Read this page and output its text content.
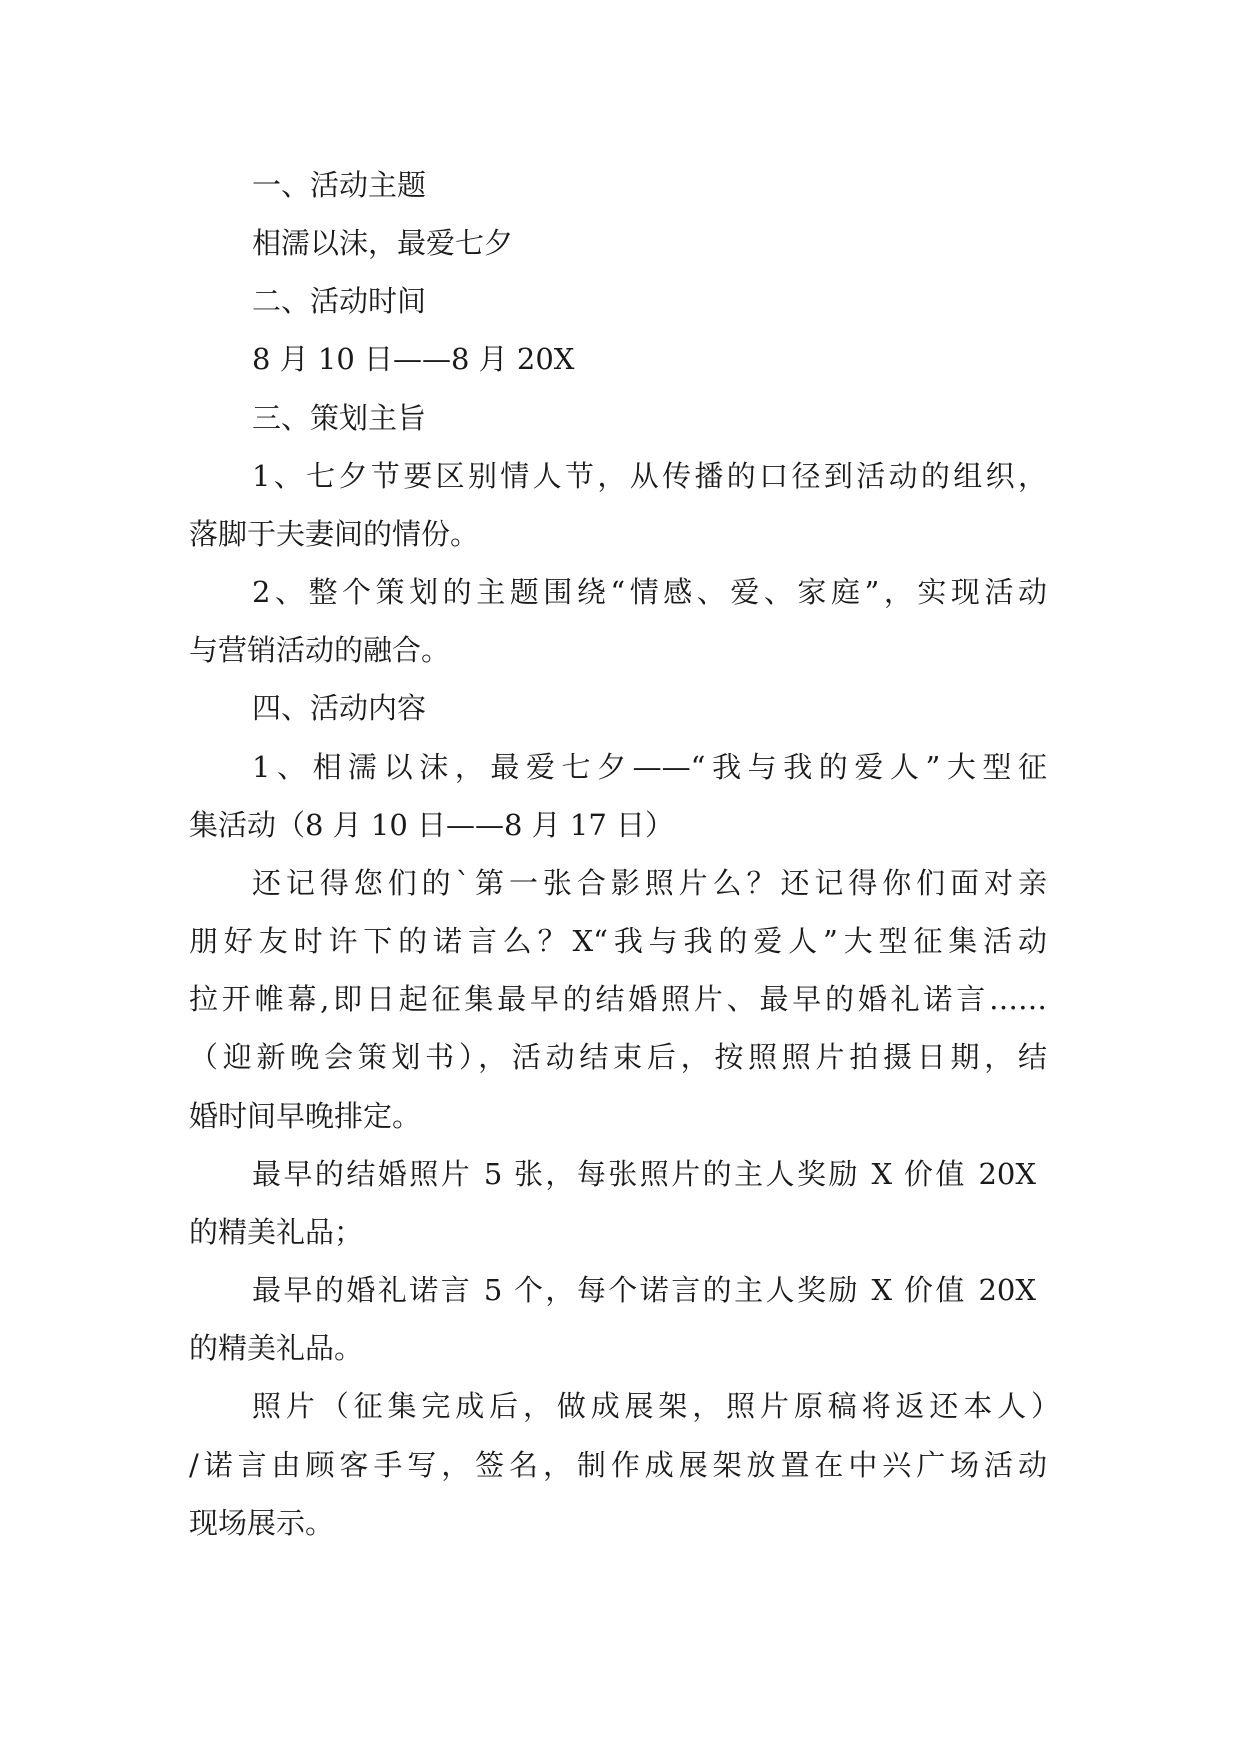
一、活动主题

相濡以沫，最爱七夕

二、活动时间

8 月 10 日——8 月 20X

三、策划主旨

1、七夕节要区别情人节，从传播的口径到活动的组织，

落脚于夫妻间的情份。

2、整个策划的主题围绕“情感、爱、家庭”，实现活动

与营销活动的融合。

四、活动内容

1、相濡以沫，最爱七夕——“我与我的爱人”大型征

集活动（8 月 10 日——8 月 17 日）

还记得您们的`第一张合影照片么？还记得你们面对亲

朋好友时许下的诺言么？X“我与我的爱人”大型征集活动

拉开帷幕,即日起征集最早的结婚照片、最早的婚礼诺言……

（迎新晚会策划书），活动结束后，按照照片拍摄日期，结

婚时间早晚排定。

最早的结婚照片 5 张，每张照片的主人奖励 X 价值 20X

的精美礼品；

最早的婚礼诺言 5 个，每个诺言的主人奖励 X 价值 20X

的精美礼品。

照片（征集完成后，做成展架，照片原稿将返还本人）

/诺言由顾客手写，签名，制作成展架放置在中兴广场活动

现场展示。
